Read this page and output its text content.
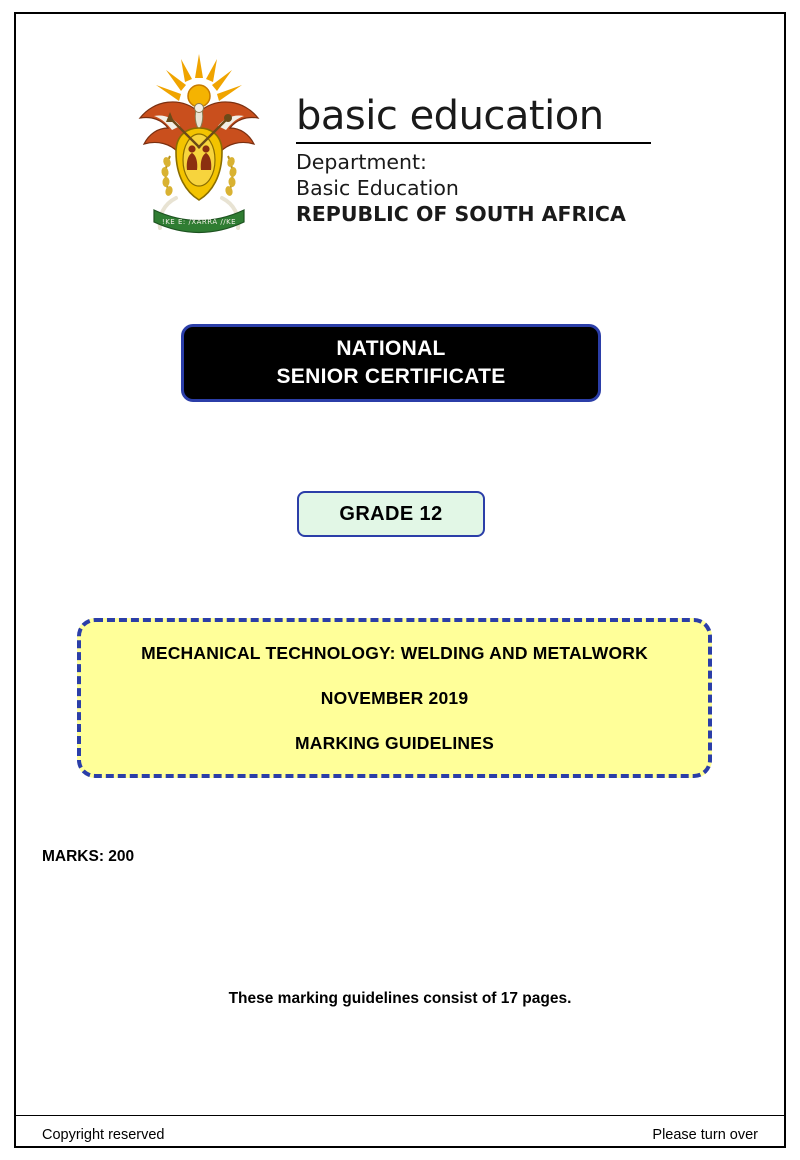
!KE E: /XARRA //KE
basic education
Department:
Basic Education
REPUBLIC OF SOUTH AFRICA
NATIONAL
SENIOR CERTIFICATE
GRADE 12
MECHANICAL TECHNOLOGY: WELDING AND METALWORK
NOVEMBER 2019
MARKING GUIDELINES
MARKS: 200
These marking guidelines consist of 17 pages.
Copyright reserved	Please turn over
